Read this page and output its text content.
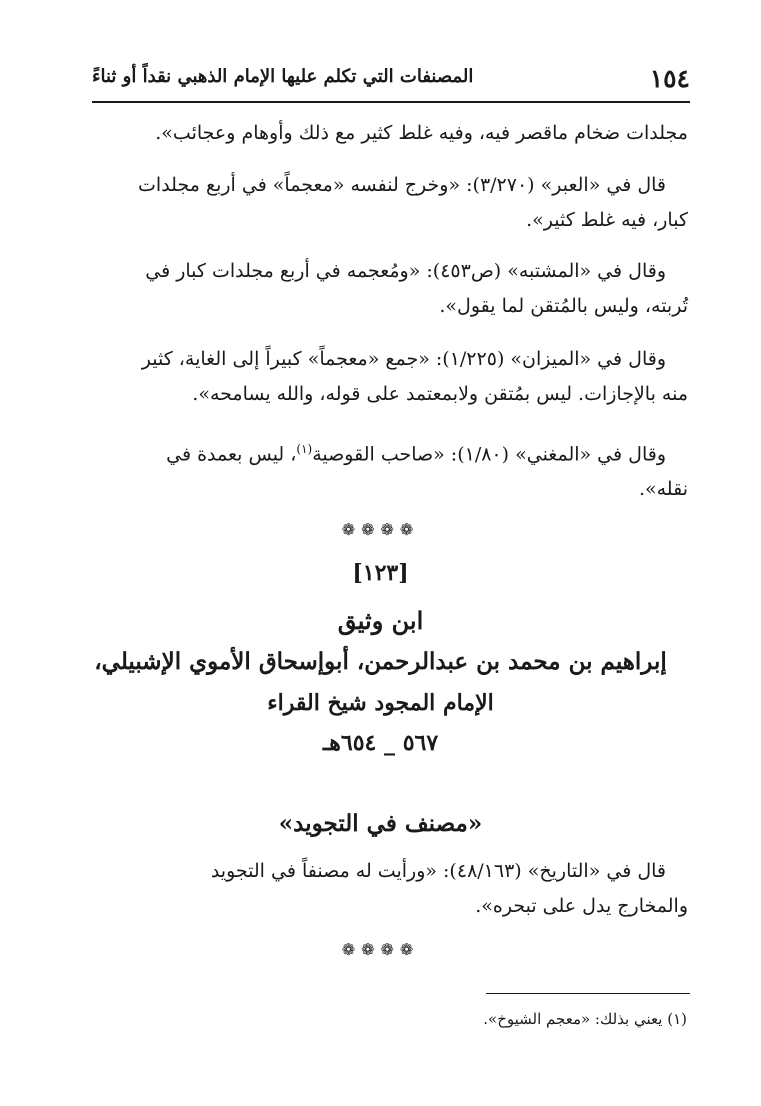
١٥٤
المصنفات التي تكلم عليها الإمام الذهبي نقداً أو ثناءً
مجلدات ضخام ماقصر فيه، وفيه غلط كثير مع ذلك وأوهام وعجائب».
قال في «العبر» (٣/٢٧٠): «وخرج لنفسه «معجماً» في أربع مجلدات
كبار، فيه غلط كثير».
وقال في «المشتبه» (ص٤٥٣): «ومُعجمه في أربع مجلدات كبار في
تُربته، وليس بالمُتقن لما يقول».
وقال في «الميزان» (١/٢٢٥): «جمع «معجماً» كبيراً إلى الغاية، كثير
منه بالإجازات. ليس بمُتقن ولابمعتمد على قوله، والله يسامحه».
وقال في «المغني» (١/٨٠): «صاحب القوصية$^{(١)}$، ليس بعمدة في
نقله».
❁❁❁❁
[١٢٣]
ابن وثيق
إبراهيم بن محمد بن عبدالرحمن، أبوإسحاق الأموي الإشبيلي،
الإمام المجود شيخ القراء
٥٦٧ _ ٦٥٤هـ
«مصنف في التجويد»
قال في «التاريخ» (٤٨/١٦٣): «ورأيت له مصنفاً في التجويد
والمخارج يدل على تبحره».
❁❁❁❁
(١) يعني بذلك: «معجم الشيوخ».
